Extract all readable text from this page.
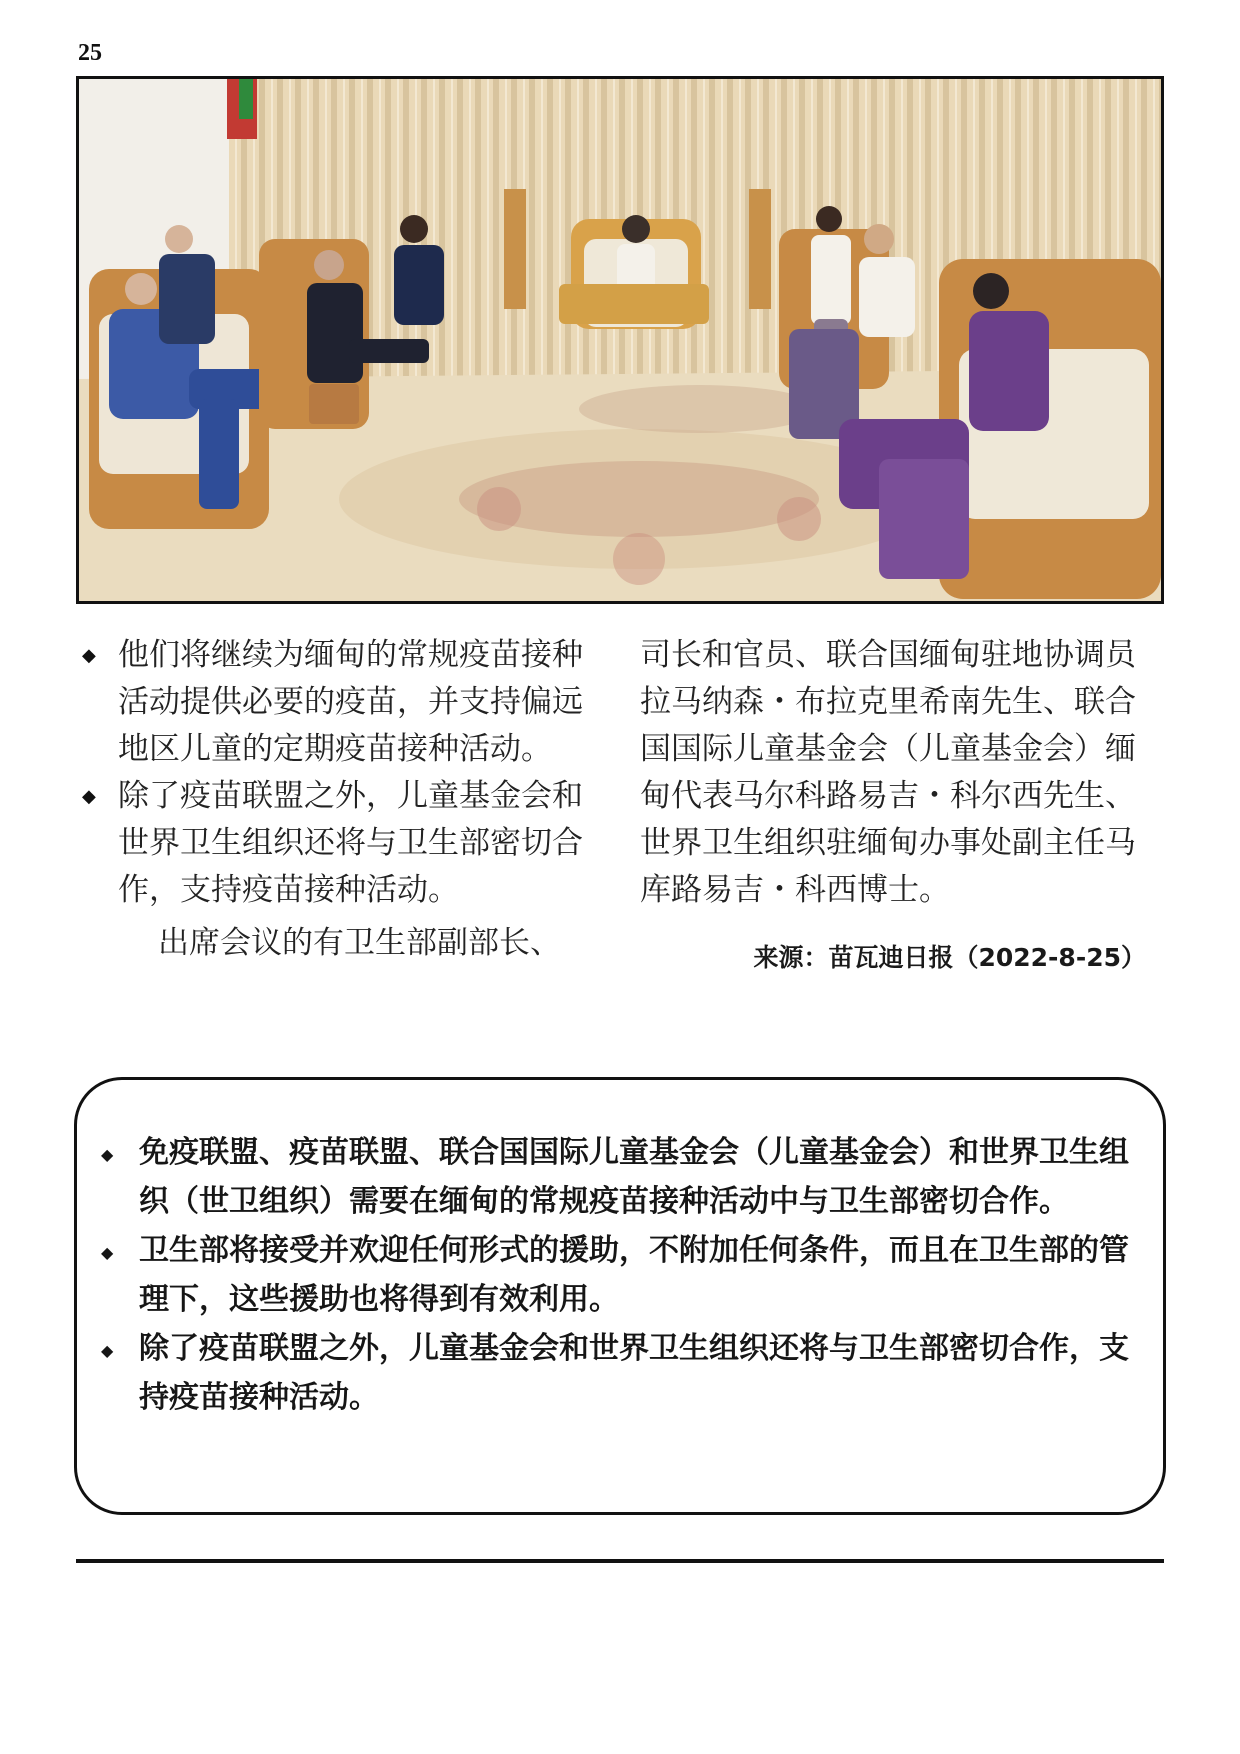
25
◆ 他们将继续为缅甸的常规疫苗接种活动提供必要的疫苗，并支持偏远地区儿童的定期疫苗接种活动。

◆ 除了疫苗联盟之外，儿童基金会和世界卫生组织还将与卫生部密切合作，支持疫苗接种活动。

出席会议的有卫生部副部长、

司长和官员、联合国缅甸驻地协调员拉马纳森・布拉克里希南先生、联合国国际儿童基金会（儿童基金会）缅甸代表马尔科路易吉・科尔西先生、世界卫生组织驻缅甸办事处副主任马库路易吉・科西博士。

来源：苗瓦迪日报（2022-8-25）
◆ 免疫联盟、疫苗联盟、联合国国际儿童基金会（儿童基金会）和世界卫生组织（世卫组织）需要在缅甸的常规疫苗接种活动中与卫生部密切合作。
◆ 卫生部将接受并欢迎任何形式的援助，不附加任何条件，而且在卫生部的管理下，这些援助也将得到有效利用。
◆ 除了疫苗联盟之外，儿童基金会和世界卫生组织还将与卫生部密切合作，支持疫苗接种活动。
